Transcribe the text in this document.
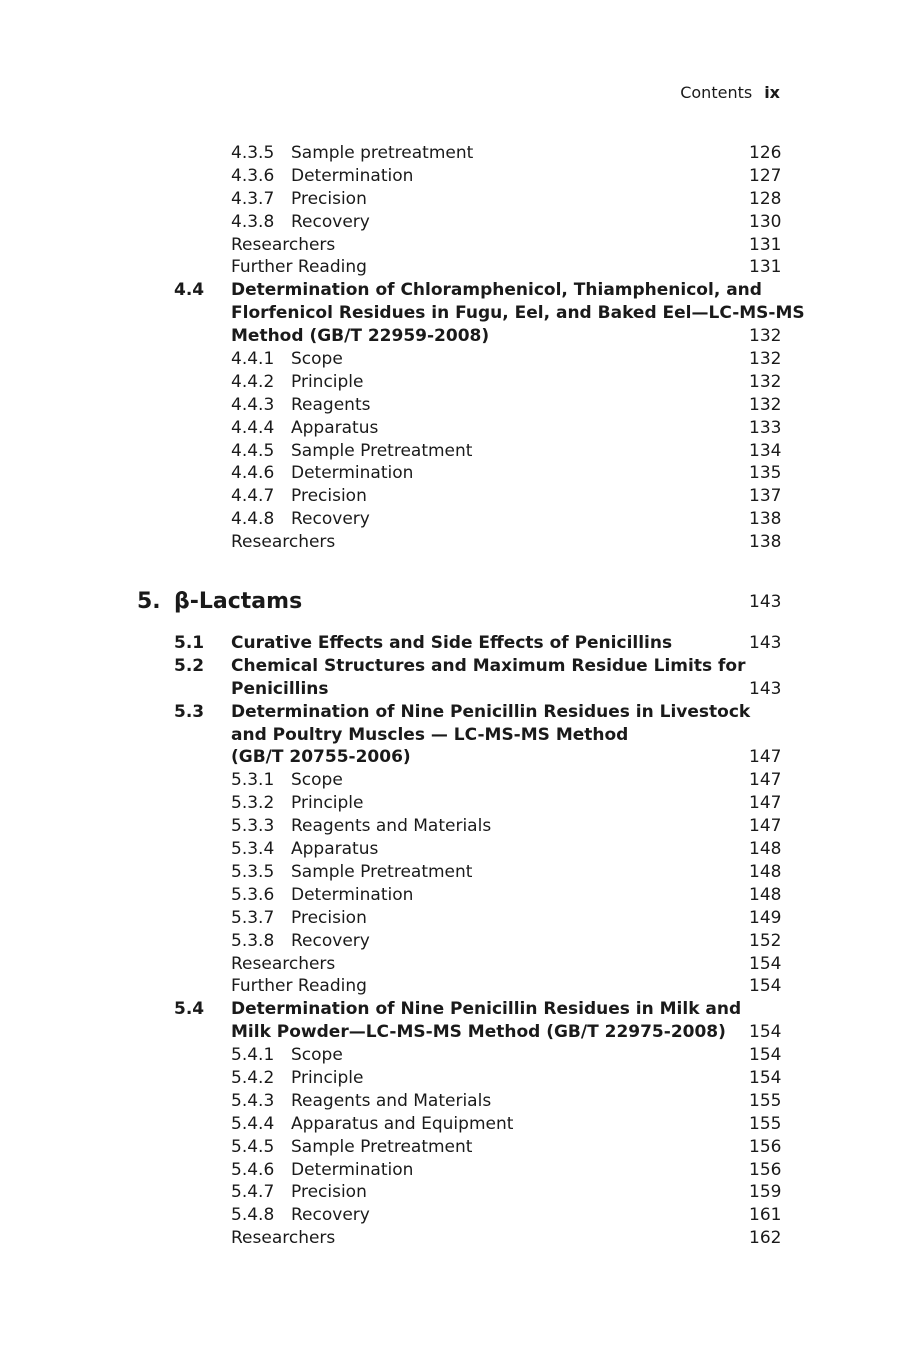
Contents ix
4.3.5 Sample pretreatment	126
4.3.6 Determination	127
4.3.7 Precision	128
4.3.8 Recovery	130
Researchers	131
Further Reading	131
4.4 Determination of Chloramphenicol, Thiamphenicol, and
Florfenicol Residues in Fugu, Eel, and Baked Eel—LC-MS-MS
Method (GB/T 22959-2008)	132
4.4.1 Scope	132
4.4.2 Principle	132
4.4.3 Reagents	132
4.4.4 Apparatus	133
4.4.5 Sample Pretreatment	134
4.4.6 Determination	135
4.4.7 Precision	137
4.4.8 Recovery	138
Researchers	138
5. β-Lactams	143
5.1 Curative Effects and Side Effects of Penicillins	143
5.2 Chemical Structures and Maximum Residue Limits for
Penicillins	143
5.3 Determination of Nine Penicillin Residues in Livestock
and Poultry Muscles — LC-MS-MS Method
(GB/T 20755-2006)	147
5.3.1 Scope	147
5.3.2 Principle	147
5.3.3 Reagents and Materials	147
5.3.4 Apparatus	148
5.3.5 Sample Pretreatment	148
5.3.6 Determination	148
5.3.7 Precision	149
5.3.8 Recovery	152
Researchers	154
Further Reading	154
5.4 Determination of Nine Penicillin Residues in Milk and
Milk Powder—LC-MS-MS Method (GB/T 22975-2008) 154
5.4.1 Scope	154
5.4.2 Principle	154
5.4.3 Reagents and Materials	155
5.4.4 Apparatus and Equipment	155
5.4.5 Sample Pretreatment	156
5.4.6 Determination	156
5.4.7 Precision	159
5.4.8 Recovery	161
Researchers	162
